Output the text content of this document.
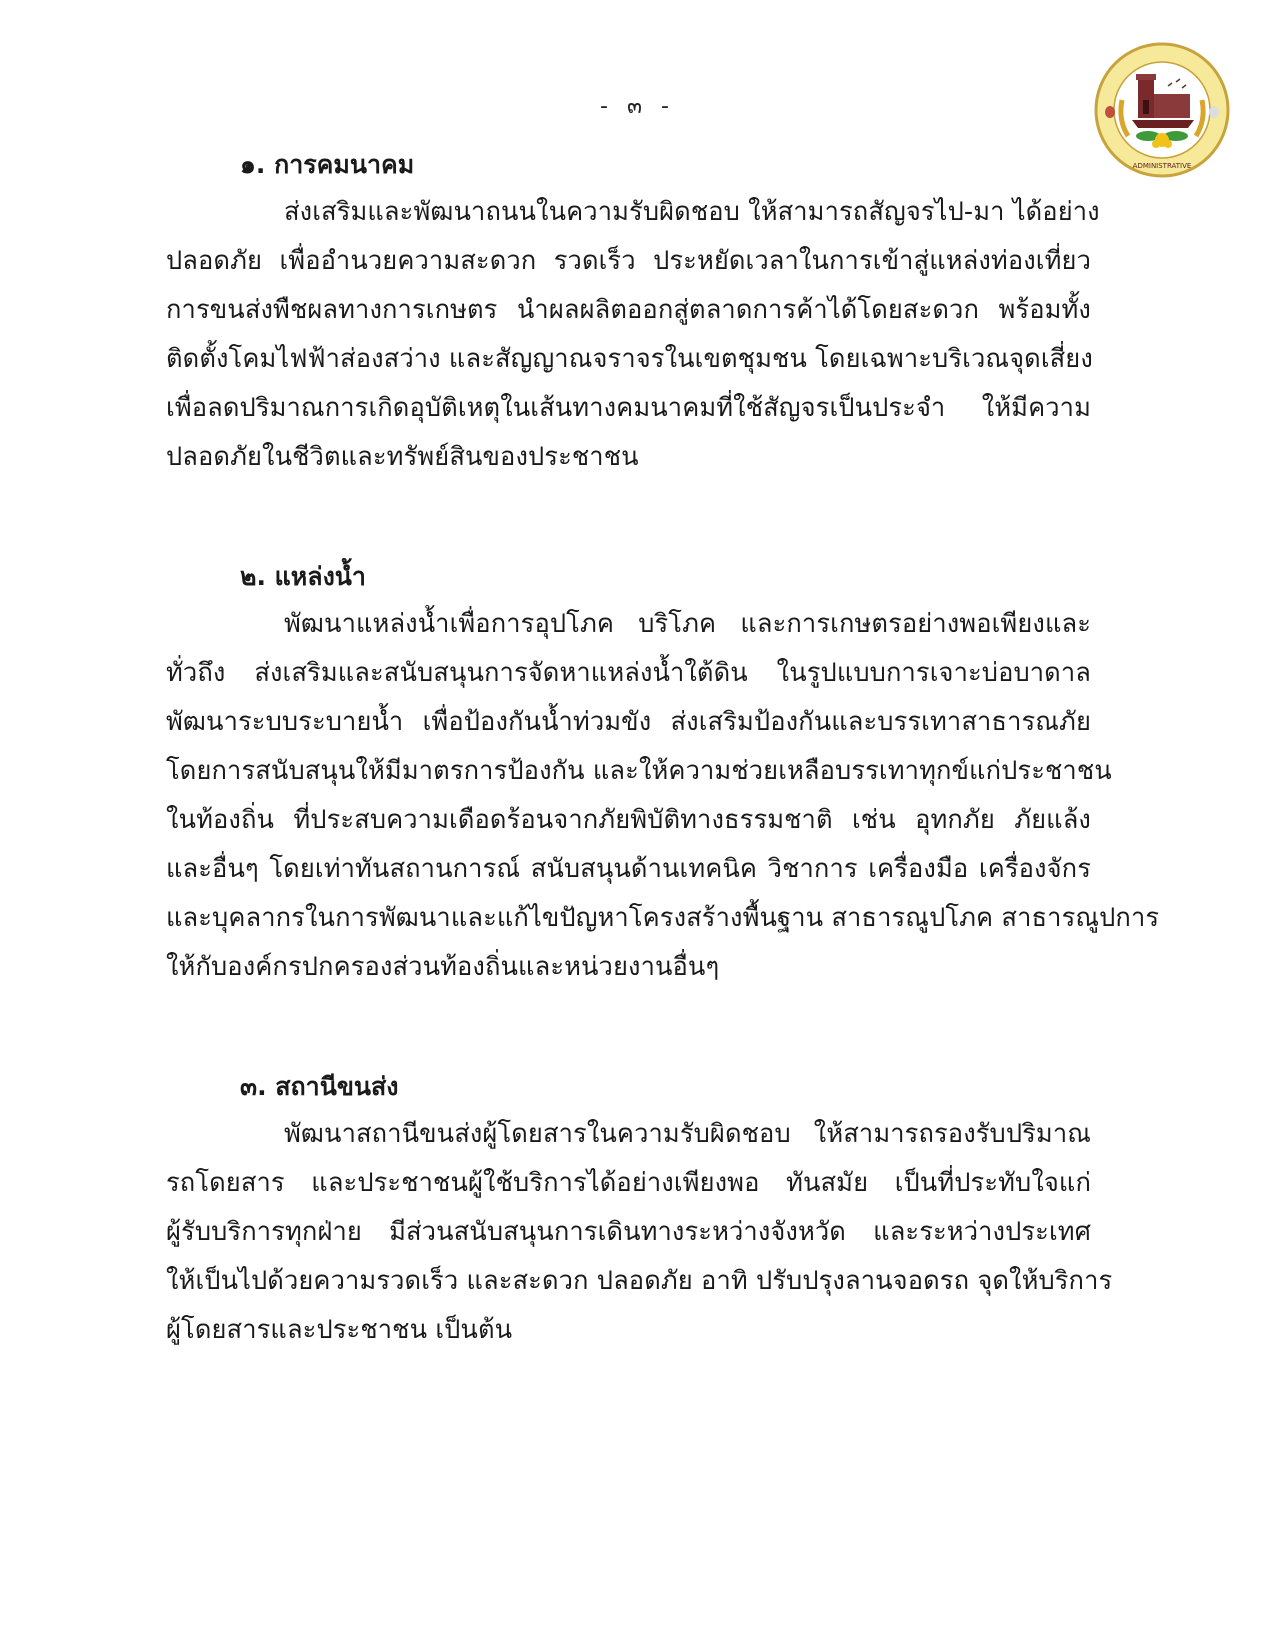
- ๓ -
ADMINISTRATIVE
๑. การคมนาคม
ส่งเสริมและพัฒนาถนนในความรับผิดชอบ ให้สามารถสัญจรไป-มา ได้อย่าง
ปลอดภัย เพื่ออำนวยความสะดวก รวดเร็ว ประหยัดเวลาในการเข้าสู่แหล่งท่องเที่ยว
การขนส่งพืชผลทางการเกษตร นำผลผลิตออกสู่ตลาดการค้าได้โดยสะดวก พร้อมทั้ง
ติดตั้งโคมไฟฟ้าส่องสว่าง และสัญญาณจราจรในเขตชุมชน โดยเฉพาะบริเวณจุดเสี่ยง
เพื่อลดปริมาณการเกิดอุบัติเหตุในเส้นทางคมนาคมที่ใช้สัญจรเป็นประจำ ให้มีความ
ปลอดภัยในชีวิตและทรัพย์สินของประชาชน
๒. แหล่งน้ำ
พัฒนาแหล่งน้ำเพื่อการอุปโภค บริโภค และการเกษตรอย่างพอเพียงและ
ทั่วถึง ส่งเสริมและสนับสนุนการจัดหาแหล่งน้ำใต้ดิน ในรูปแบบการเจาะบ่อบาดาล
พัฒนาระบบระบายน้ำ เพื่อป้องกันน้ำท่วมขัง ส่งเสริมป้องกันและบรรเทาสาธารณภัย
โดยการสนับสนุนให้มีมาตรการป้องกัน และให้ความช่วยเหลือบรรเทาทุกข์แก่ประชาชน
ในท้องถิ่น ที่ประสบความเดือดร้อนจากภัยพิบัติทางธรรมชาติ เช่น อุทกภัย ภัยแล้ง
และอื่นๆ โดยเท่าทันสถานการณ์ สนับสนุนด้านเทคนิค วิชาการ เครื่องมือ เครื่องจักร
และบุคลากรในการพัฒนาและแก้ไขปัญหาโครงสร้างพื้นฐาน สาธารณูปโภค สาธารณูปการ
ให้กับองค์กรปกครองส่วนท้องถิ่นและหน่วยงานอื่นๆ
๓. สถานีขนส่ง
พัฒนาสถานีขนส่งผู้โดยสารในความรับผิดชอบ ให้สามารถรองรับปริมาณ
รถโดยสาร และประชาชนผู้ใช้บริการได้อย่างเพียงพอ ทันสมัย เป็นที่ประทับใจแก่
ผู้รับบริการทุกฝ่าย มีส่วนสนับสนุนการเดินทางระหว่างจังหวัด และระหว่างประเทศ
ให้เป็นไปด้วยความรวดเร็ว และสะดวก ปลอดภัย อาทิ ปรับปรุงลานจอดรถ จุดให้บริการ
ผู้โดยสารและประชาชน เป็นต้น
